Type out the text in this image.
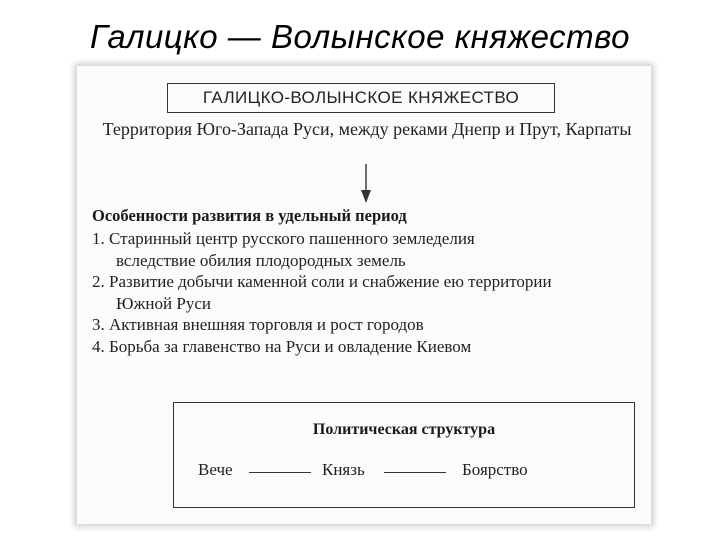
Галицко — Волынское княжество
ГАЛИЦКО-ВОЛЫНСКОЕ КНЯЖЕСТВО
Территория Юго-Запада Руси, между реками Днепр и Прут, Карпаты
Особенности развития в удельный период
1. Старинный центр русского пашенного земледелия
вследствие обилия плодородных земель
2. Развитие добычи каменной соли и снабжение ею территории
Южной Руси
3. Активная внешняя торговля и рост городов
4. Борьба за главенство на Руси и овладение Киевом
Политическая структура
Вече	Князь	Боярство
